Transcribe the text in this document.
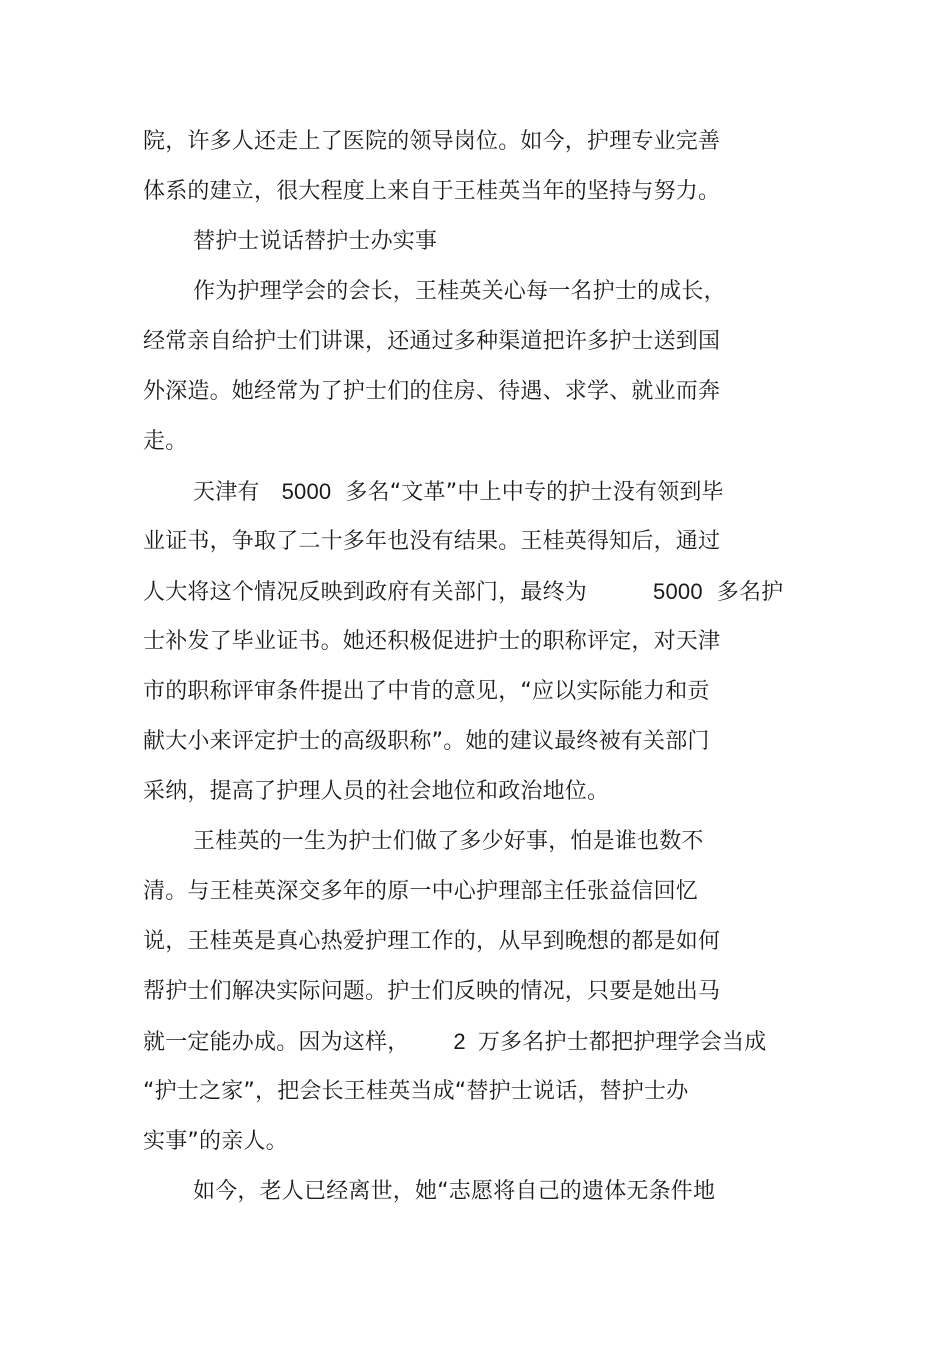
院，许多人还走上了医院的领导岗位。如今，护理专业完善
体系的建立，很大程度上来自于王桂英当年的坚持与努力。
替护士说话替护士办实事
作为护理学会的会长，王桂英关心每一名护士的成长，
经常亲自给护士们讲课，还通过多种渠道把许多护士送到国
外深造。她经常为了护士们的住房、待遇、求学、就业而奔
走。
天津有 5000 多名“文革”中上中专的护士没有领到毕
业证书，争取了二十多年也没有结果。王桂英得知后，通过
人大将这个情况反映到政府有关部门，最终为	5000 多名护
士补发了毕业证书。她还积极促进护士的职称评定，对天津
市的职称评审条件提出了中肯的意见，“应以实际能力和贡
献大小来评定护士的高级职称”。她的建议最终被有关部门
采纳，提高了护理人员的社会地位和政治地位。
王桂英的一生为护士们做了多少好事，怕是谁也数不
清。与王桂英深交多年的原一中心护理部主任张益信回忆
说，王桂英是真心热爱护理工作的，从早到晚想的都是如何
帮护士们解决实际问题。护士们反映的情况，只要是她出马
就一定能办成。因为这样， 2 万多名护士都把护理学会当成
“护士之家”，把会长王桂英当成“替护士说话，替护士办
实事”的亲人。
如今，老人已经离世，她“志愿将自己的遗体无条件地
